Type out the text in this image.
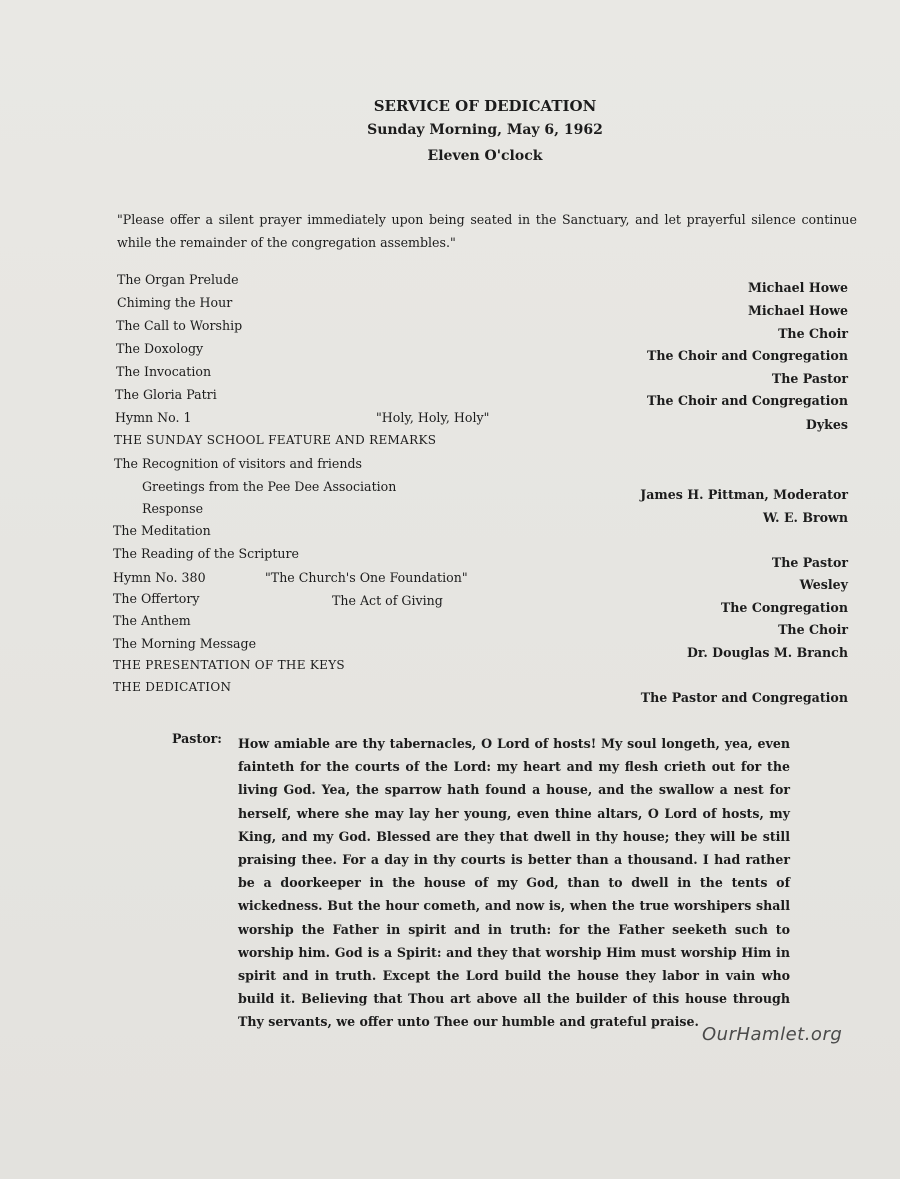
SERVICE OF DEDICATION
Sunday Morning, May 6, 1962
Eleven O'clock
"Please offer a silent prayer immediately upon being seated in the Sanctuary, and let prayerful silence continue while the remainder of the congregation assembles."
The Organ Prelude
Chiming the Hour
The Call to Worship
The Doxology
The Invocation
The Gloria Patri
Hymn No. 1
THE SUNDAY SCHOOL FEATURE AND REMARKS
The Recognition of visitors and friends
Greetings from the Pee Dee Association
Response
The Meditation
The Reading of the Scripture
Hymn No. 380
The Offertory
The Anthem
The Morning Message
THE PRESENTATION OF THE KEYS
THE DEDICATION
"Holy, Holy, Holy"
"The Church's One Foundation"
The Act of Giving
Michael Howe
Michael Howe
The Choir
The Choir and Congregation
The Pastor
The Choir and Congregation
Dykes
James H. Pittman, Moderator
W. E. Brown
The Pastor
Wesley
The Congregation
The Choir
Dr. Douglas M. Branch
The Pastor and Congregation
Pastor: How amiable are thy tabernacles, O Lord of hosts! My soul longeth, yea, even fainteth for the courts of the Lord: my heart and my flesh crieth out for the living God. Yea, the sparrow hath found a house, and the swallow a nest for herself, where she may lay her young, even thine altars, O Lord of hosts, my King, and my God. Blessed are they that dwell in thy house; they will be still praising thee. For a day in thy courts is better than a thousand. I had rather be a doorkeeper in the house of my God, than to dwell in the tents of wickedness. But the hour cometh, and now is, when the true worshipers shall worship the Father in spirit and in truth: for the Father seeketh such to worship him. God is a Spirit: and they that worship Him must worship Him in spirit and in truth. Except the Lord build the house they labor in vain who build it. Believing that Thou art above all the builder of this house through Thy servants, we offer unto Thee our humble and grateful praise.
OurHamlet.org
